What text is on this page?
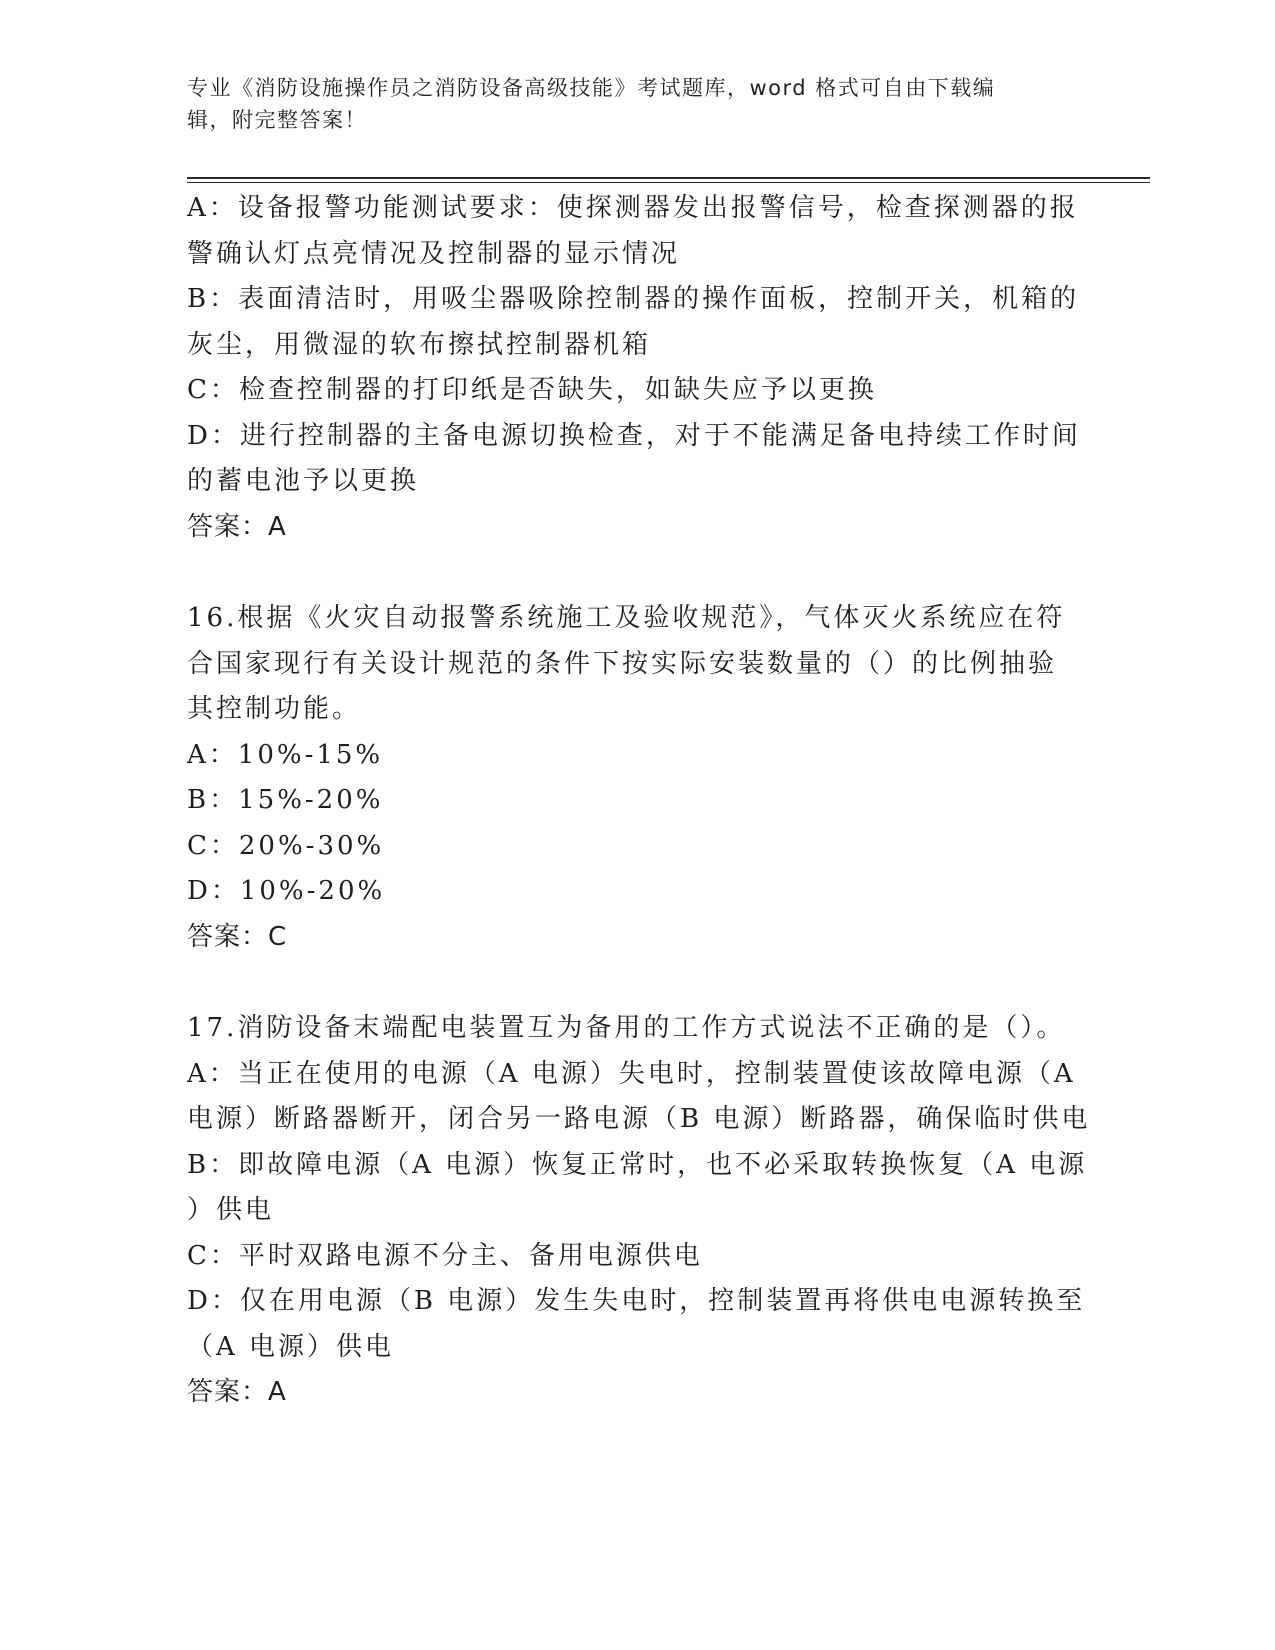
专业《消防设施操作员之消防设备高级技能》考试题库，word 格式可自由下载编
辑，附完整答案！
A：设备报警功能测试要求：使探测器发出报警信号，检查探测器的报
警确认灯点亮情况及控制器的显示情况
B：表面清洁时，用吸尘器吸除控制器的操作面板，控制开关，机箱的
灰尘，用微湿的软布擦拭控制器机箱
C：检查控制器的打印纸是否缺失，如缺失应予以更换
D：进行控制器的主备电源切换检查，对于不能满足备电持续工作时间
的蓄电池予以更换
答案：A
16.根据《火灾自动报警系统施工及验收规范》，气体灭火系统应在符
合国家现行有关设计规范的条件下按实际安装数量的（）的比例抽验
其控制功能。
A：10%-15%
B：15%-20%
C：20%-30%
D：10%-20%
答案：C
17.消防设备末端配电装置互为备用的工作方式说法不正确的是（）。
A：当正在使用的电源（A 电源）失电时，控制装置使该故障电源（A
电源）断路器断开，闭合另一路电源（B 电源）断路器，确保临时供电
B：即故障电源（A 电源）恢复正常时，也不必采取转换恢复（A 电源
）供电
C：平时双路电源不分主、备用电源供电
D：仅在用电源（B 电源）发生失电时，控制装置再将供电电源转换至
（A 电源）供电
答案：A
